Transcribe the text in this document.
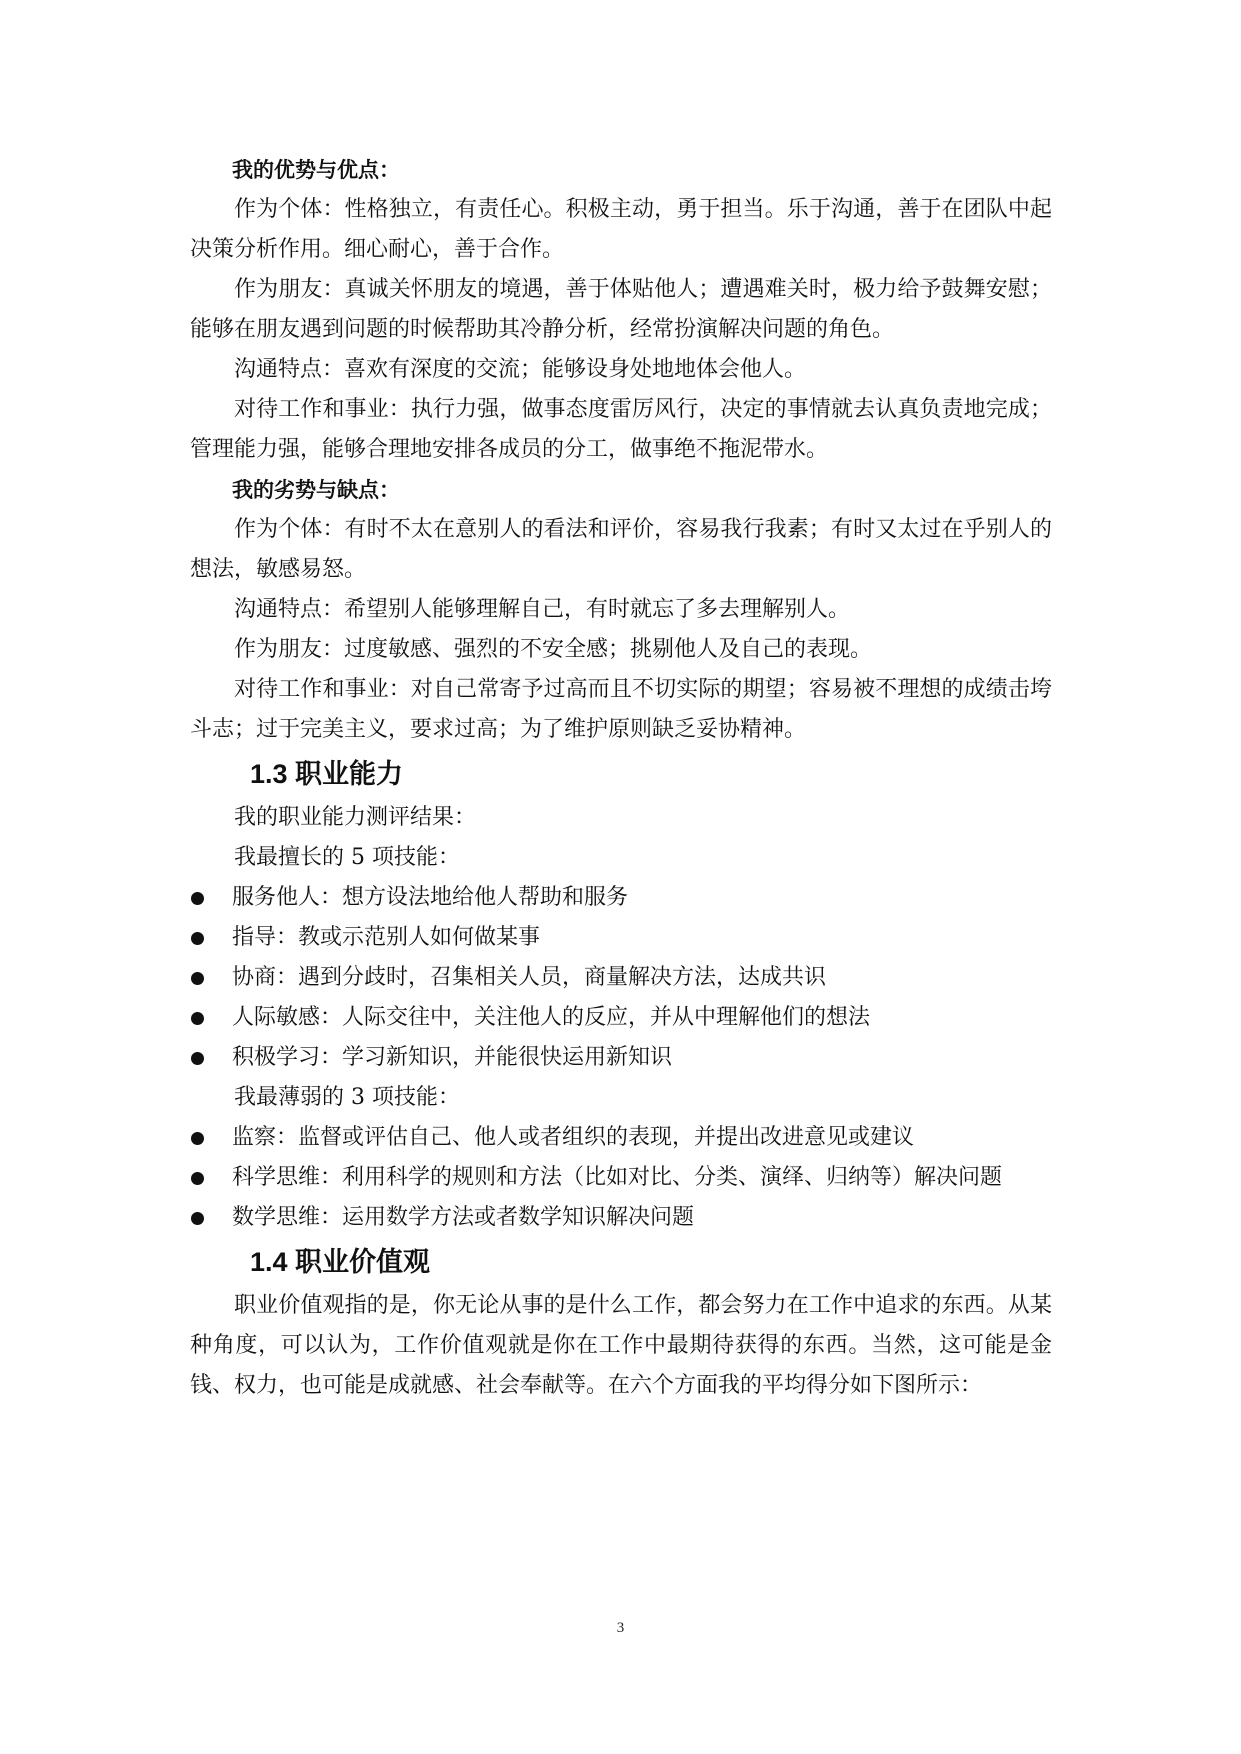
我的优势与优点：

作为个体：性格独立，有责任心。积极主动，勇于担当。乐于沟通，善于在团队中起决策分析作用。细心耐心，善于合作。

作为朋友：真诚关怀朋友的境遇，善于体贴他人；遭遇难关时，极力给予鼓舞安慰；能够在朋友遇到问题的时候帮助其冷静分析，经常扮演解决问题的角色。

沟通特点：喜欢有深度的交流；能够设身处地地体会他人。

对待工作和事业：执行力强，做事态度雷厉风行，决定的事情就去认真负责地完成；管理能力强，能够合理地安排各成员的分工，做事绝不拖泥带水。

我的劣势与缺点：

作为个体：有时不太在意别人的看法和评价，容易我行我素；有时又太过在乎别人的想法，敏感易怒。

沟通特点：希望别人能够理解自己，有时就忘了多去理解别人。

作为朋友：过度敏感、强烈的不安全感；挑剔他人及自己的表现。

对待工作和事业：对自己常寄予过高而且不切实际的期望；容易被不理想的成绩击垮斗志；过于完美主义，要求过高；为了维护原则缺乏妥协精神。

1.3 职业能力

我的职业能力测评结果：

我最擅长的 5 项技能：

服务他人：想方设法地给他人帮助和服务
指导：教或示范别人如何做某事
协商：遇到分歧时，召集相关人员，商量解决方法，达成共识
人际敏感：人际交往中，关注他人的反应，并从中理解他们的想法
积极学习：学习新知识，并能很快运用新知识

我最薄弱的 3 项技能：

监察：监督或评估自己、他人或者组织的表现，并提出改进意见或建议
科学思维：利用科学的规则和方法（比如对比、分类、演绎、归纳等）解决问题
数学思维：运用数学方法或者数学知识解决问题
1.4 职业价值观

职业价值观指的是，你无论从事的是什么工作，都会努力在工作中追求的东西。从某种角度，可以认为，工作价值观就是你在工作中最期待获得的东西。当然，这可能是金钱、权力，也可能是成就感、社会奉献等。在六个方面我的平均得分如下图所示：

3
